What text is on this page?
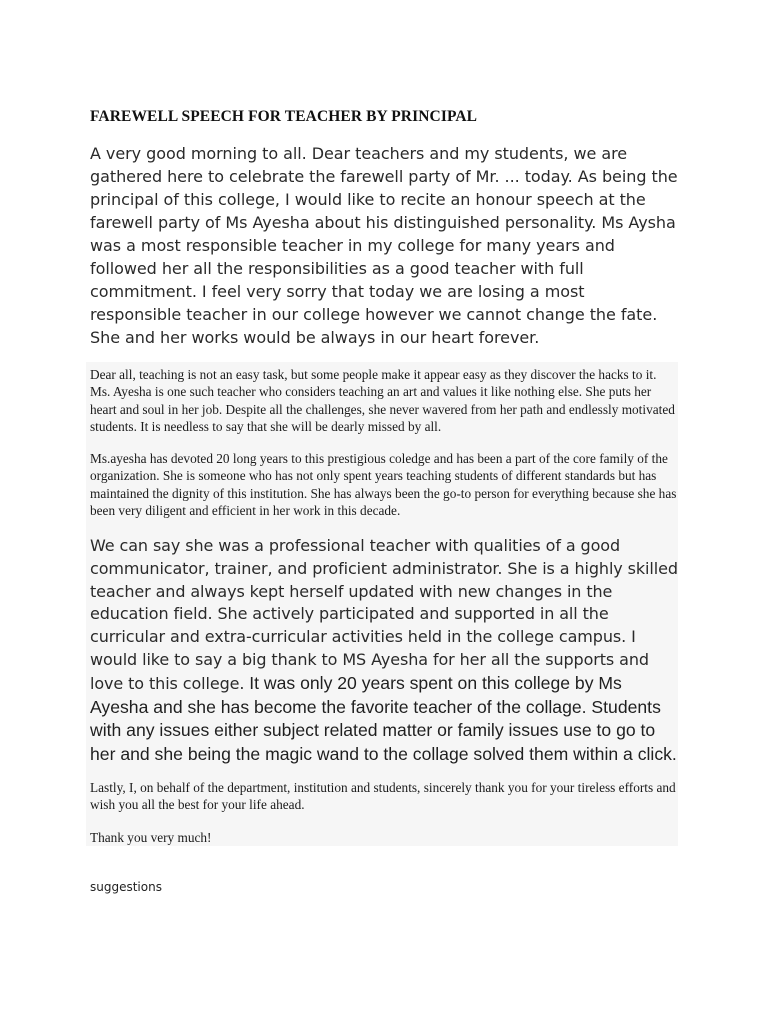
FAREWELL SPEECH FOR TEACHER BY PRINCIPAL
A very good morning to all. Dear teachers and my students, we are gathered here to celebrate the farewell party of Mr. ... today. As being the principal of this college, I would like to recite an honour speech at the farewell party of Ms Ayesha about his distinguished personality. Ms Aysha was a most responsible teacher in my college for many years and followed her all the responsibilities as a good teacher with full commitment. I feel very sorry that today we are losing a most responsible teacher in our college however we cannot change the fate. She and her works would be always in our heart forever.
Dear all, teaching is not an easy task, but some people make it appear easy as they discover the hacks to it. Ms. Ayesha is one such teacher who considers teaching an art and values it like nothing else. She puts her heart and soul in her job. Despite all the challenges, she never wavered from her path and endlessly motivated students. It is needless to say that she will be dearly missed by all.
Ms.ayesha has devoted 20 long years to this prestigious coledge and has been a part of the core family of the organization. She is someone who has not only spent years teaching students of different standards but has maintained the dignity of this institution. She has always been the go-to person for everything because she has been very diligent and efficient in her work in this decade.
We can say she was a professional teacher with qualities of a good communicator, trainer, and proficient administrator. She is a highly skilled teacher and always kept herself updated with new changes in the education field. She actively participated and supported in all the curricular and extra-curricular activities held in the college campus. I would like to say a big thank to MS Ayesha for her all the supports and love to this college. It was only 20 years spent on this college by Ms Ayesha and she has become the favorite teacher of the collage. Students with any issues either subject related matter or family issues use to go to her and she being the magic wand to the collage solved them within a click.
Lastly, I, on behalf of the department, institution and students, sincerely thank you for your tireless efforts and wish you all the best for your life ahead.
Thank you very much!
suggestions
